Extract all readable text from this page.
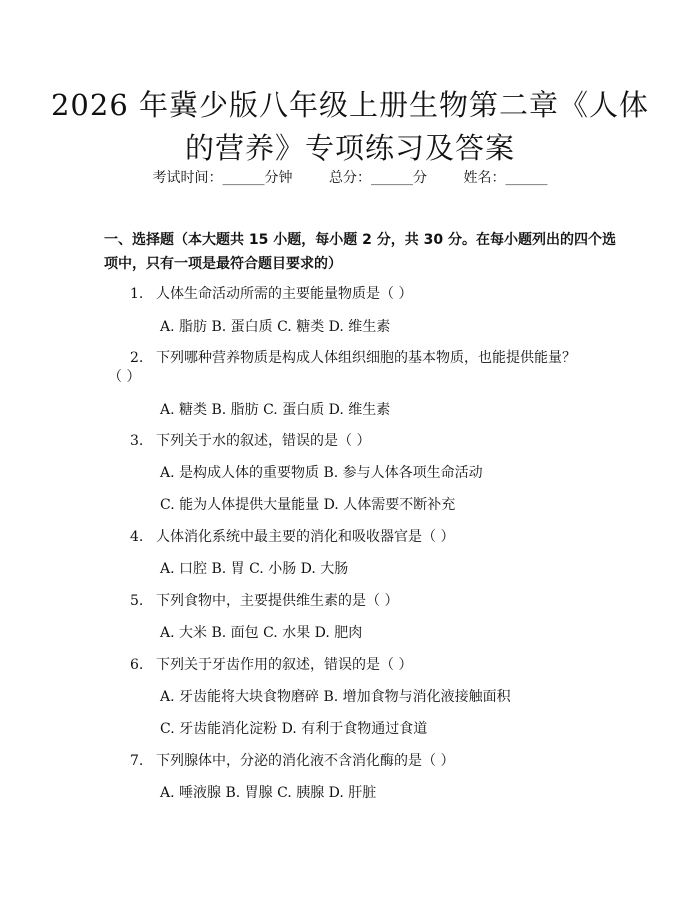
2026 年冀少版八年级上册生物第二章《人体的营养》专项练习及答案
考试时间：______分钟	总分：______分	姓名：______
一、选择题（本大题共 15 小题，每小题 2 分，共 30 分。在每小题列出的四个选项中，只有一项是最符合题目要求的）
1. 人体生命活动所需的主要能量物质是（ ）
A. 脂肪 B. 蛋白质 C. 糖类 D. 维生素
2. 下列哪种营养物质是构成人体组织细胞的基本物质，也能提供能量？
（ ）
A. 糖类 B. 脂肪 C. 蛋白质 D. 维生素
3. 下列关于水的叙述，错误的是（ ）
A. 是构成人体的重要物质 B. 参与人体各项生命活动
C. 能为人体提供大量能量 D. 人体需要不断补充
4. 人体消化系统中最主要的消化和吸收器官是（ ）
A. 口腔 B. 胃 C. 小肠 D. 大肠
5. 下列食物中，主要提供维生素的是（ ）
A. 大米 B. 面包 C. 水果 D. 肥肉
6. 下列关于牙齿作用的叙述，错误的是（ ）
A. 牙齿能将大块食物磨碎 B. 增加食物与消化液接触面积
C. 牙齿能消化淀粉 D. 有利于食物通过食道
7. 下列腺体中，分泌的消化液不含消化酶的是（ ）
A. 唾液腺 B. 胃腺 C. 胰腺 D. 肝脏
